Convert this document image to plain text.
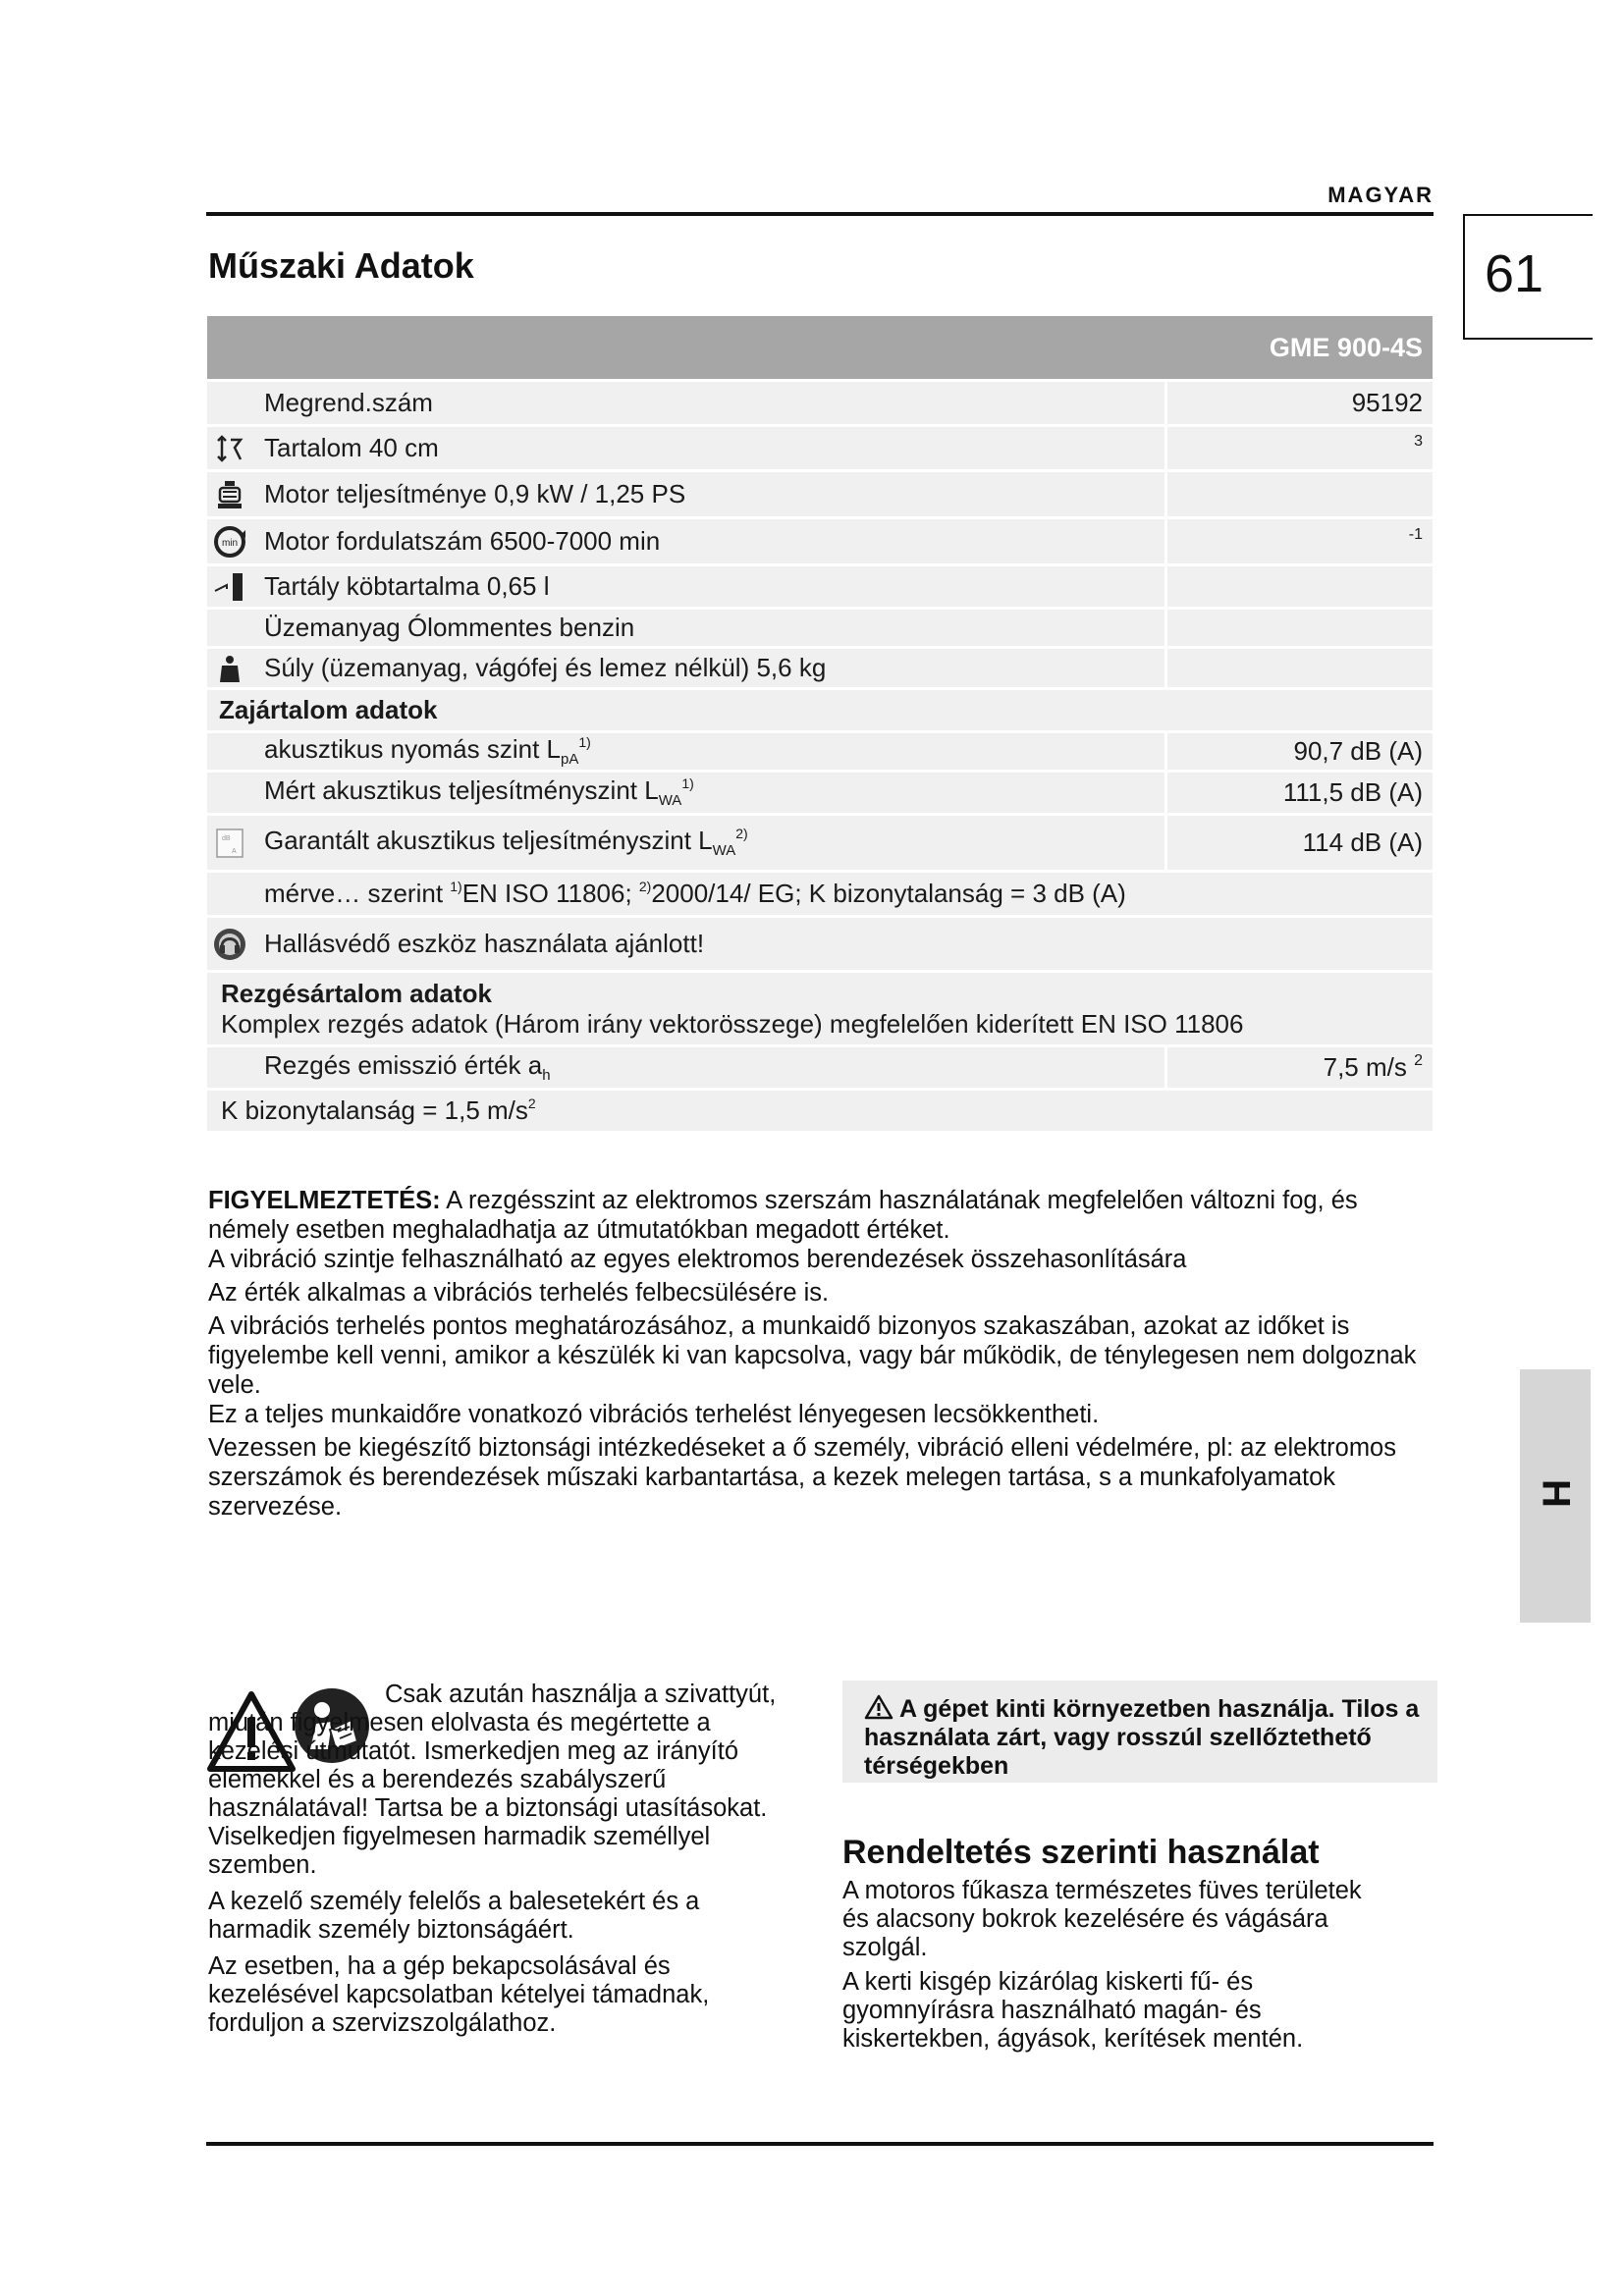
MAGYAR
61
Műszaki Adatok
		GME 900-4S
	Megrend.szám	95192

	Tartalom 40 cm	$^3$

	Motor teljesítménye 0,9 kW / 1,25 PS	

min	Motor fordulatszám 6500-7000 min	$^{-1}$

	Tartály köbtartalma 0,65 l	
	Üzemanyag Ólommentes benzin	

	Súly (üzemanyag, vágófej és lemez nélkül) 5,6 kg	
Zajártalom adatok		
	akusztikus nyomás szint $L_{pA}^{1)}$	90,7 dB (A)
	Mért akusztikus teljesítményszint $L_{WA}^{1)}$	111,5 dB (A)

dB
A	Garantált akusztikus teljesítményszint $L_{WA}^{2)}$	114 dB (A)
	mérve… szerint $^{1)}$EN ISO 11806; $^{2)}$2000/14/ EG; K bizonytalanság = 3 dB (A)	

	Hallásvédő eszköz használata ajánlott!	

Rezgésártalom adatok
Komplex rezgés adatok (Három irány vektorösszege) megfelelően kiderített EN ISO 11806		
	Rezgés emisszió érték $a_h$	7,5 m/s $^2$
K bizonytalanság = 1,5 $m/s^2$

FIGYELMEZTETÉS: A rezgésszint az elektromos szerszám használatának megfelelően változni fog, és némely esetben meghaladhatja az útmutatókban megadott értéket.

A vibráció szintje felhasználható az egyes elektromos berendezések összehasonlítására

Az érték alkalmas a vibrációs terhelés felbecsülésére is.

A vibrációs terhelés pontos meghatározásához, a munkaidő bizonyos szakaszában, azokat az időket is figyelembe kell venni, amikor a készülék ki van kapcsolva, vagy bár működik, de ténylegesen nem dolgoznak vele.

Ez a teljes munkaidőre vonatkozó vibrációs terhelést lényegesen lecsökkentheti.

Vezessen be kiegészítő biztonsági intézkedéseket a ő személy, vibráció elleni védelmére, pl: az elektromos szerszámok és berendezések műszaki karbantartása, a kezek melegen tartása, s a munkafolyamatok szervezése.	H

Csak azután használja a szivattyút, miután figyelmesen elolvasta és megértette a kezelési útmutatót. Ismerkedjen meg az irányító elemekkel és a berendezés szabályszerű használatával! Tartsa be a biztonsági utasításokat. Viselkedjen figyelmesen harmadik személlyel szemben.

A kezelő személy felelős a balesetekért és a harmadik személy biztonságáért.

Az esetben, ha a gép bekapcsolásával és kezelésével kapcsolatban kételyei támadnak, forduljon a szervizszolgálathoz.

A gépet kinti környezetben használja. Tilos a használata zárt, vagy rosszúl szellőztethető térségekben
Rendeltetés szerinti használat

A motoros fűkasza természetes füves területek és alacsony bokrok kezelésére és vágására szolgál.

A kerti kisgép kizárólag kiskerti fű- és gyomnyírásra használható magán- és kiskertekben, ágyások, kerítések mentén.
